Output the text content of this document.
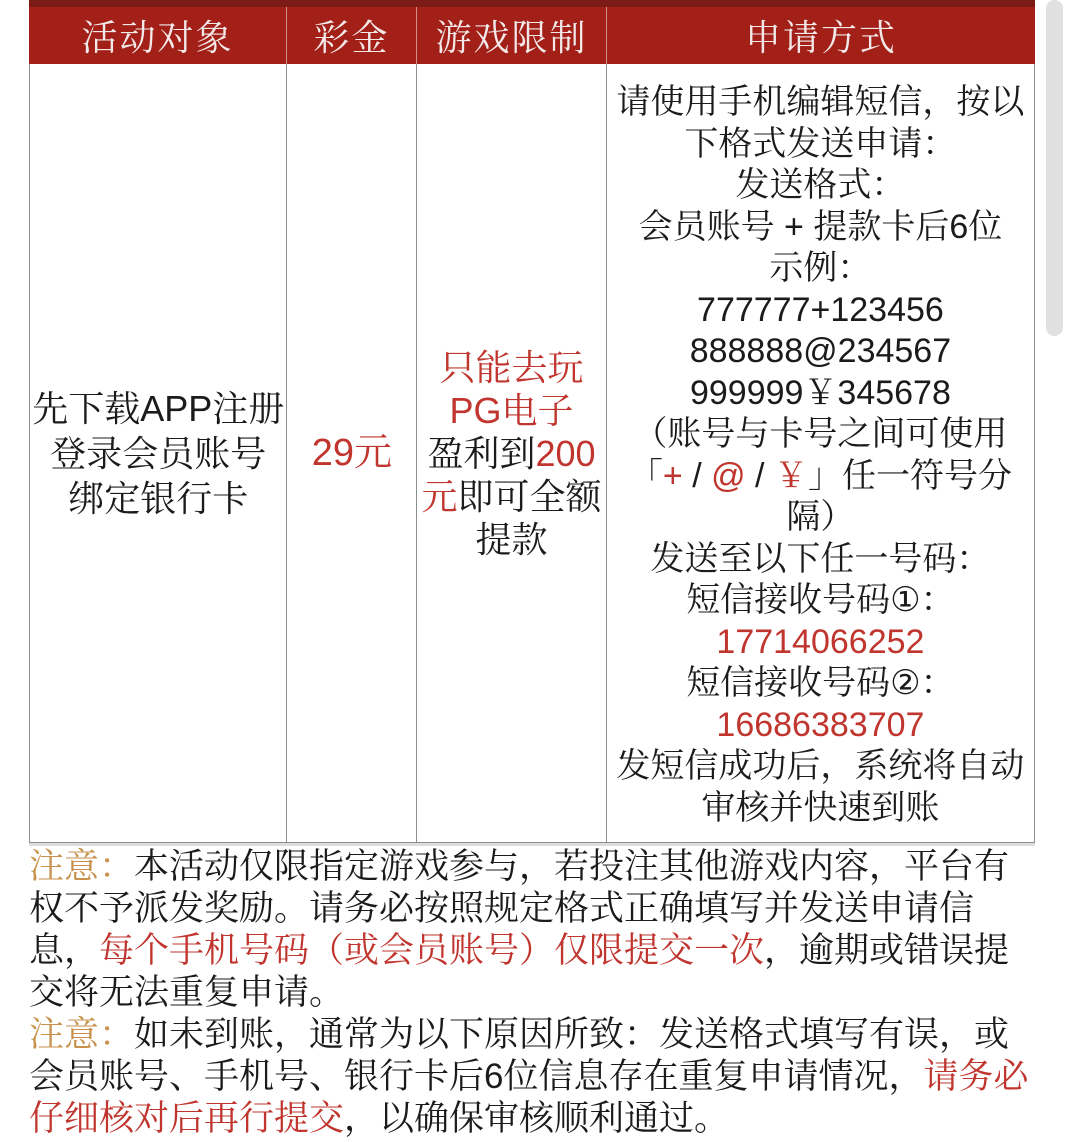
活动对象 彩金 游戏限制	申请方式
先下载APP注册
登录会员账号
绑定银行卡
29元
只能去玩
PG电子
盈利到200
元即可全额
提款
请使用手机编辑短信，按以
下格式发送申请：
发送格式：
会员账号 + 提款卡后6位
示例：
777777+123456
888888@234567
999999￥345678
（账号与卡号之间可使用
「+ / @ / ￥」任一符号分
隔）
发送至以下任一号码：
短信接收号码①：
17714066252
短信接收号码②：
16686383707
发短信成功后，系统将自动
审核并快速到账

注意：本活动仅限指定游戏参与，若投注其他游戏内容，平台有权不予派发奖励。请务必按照规定格式正确填写并发送申请信息，每个手机号码（或会员账号）仅限提交一次，逾期或错误提交将无法重复申请。

注意：如未到账，通常为以下原因所致：发送格式填写有误，或会员账号、手机号、银行卡后6位信息存在重复申请情况，请务必仔细核对后再行提交，以确保审核顺利通过。
